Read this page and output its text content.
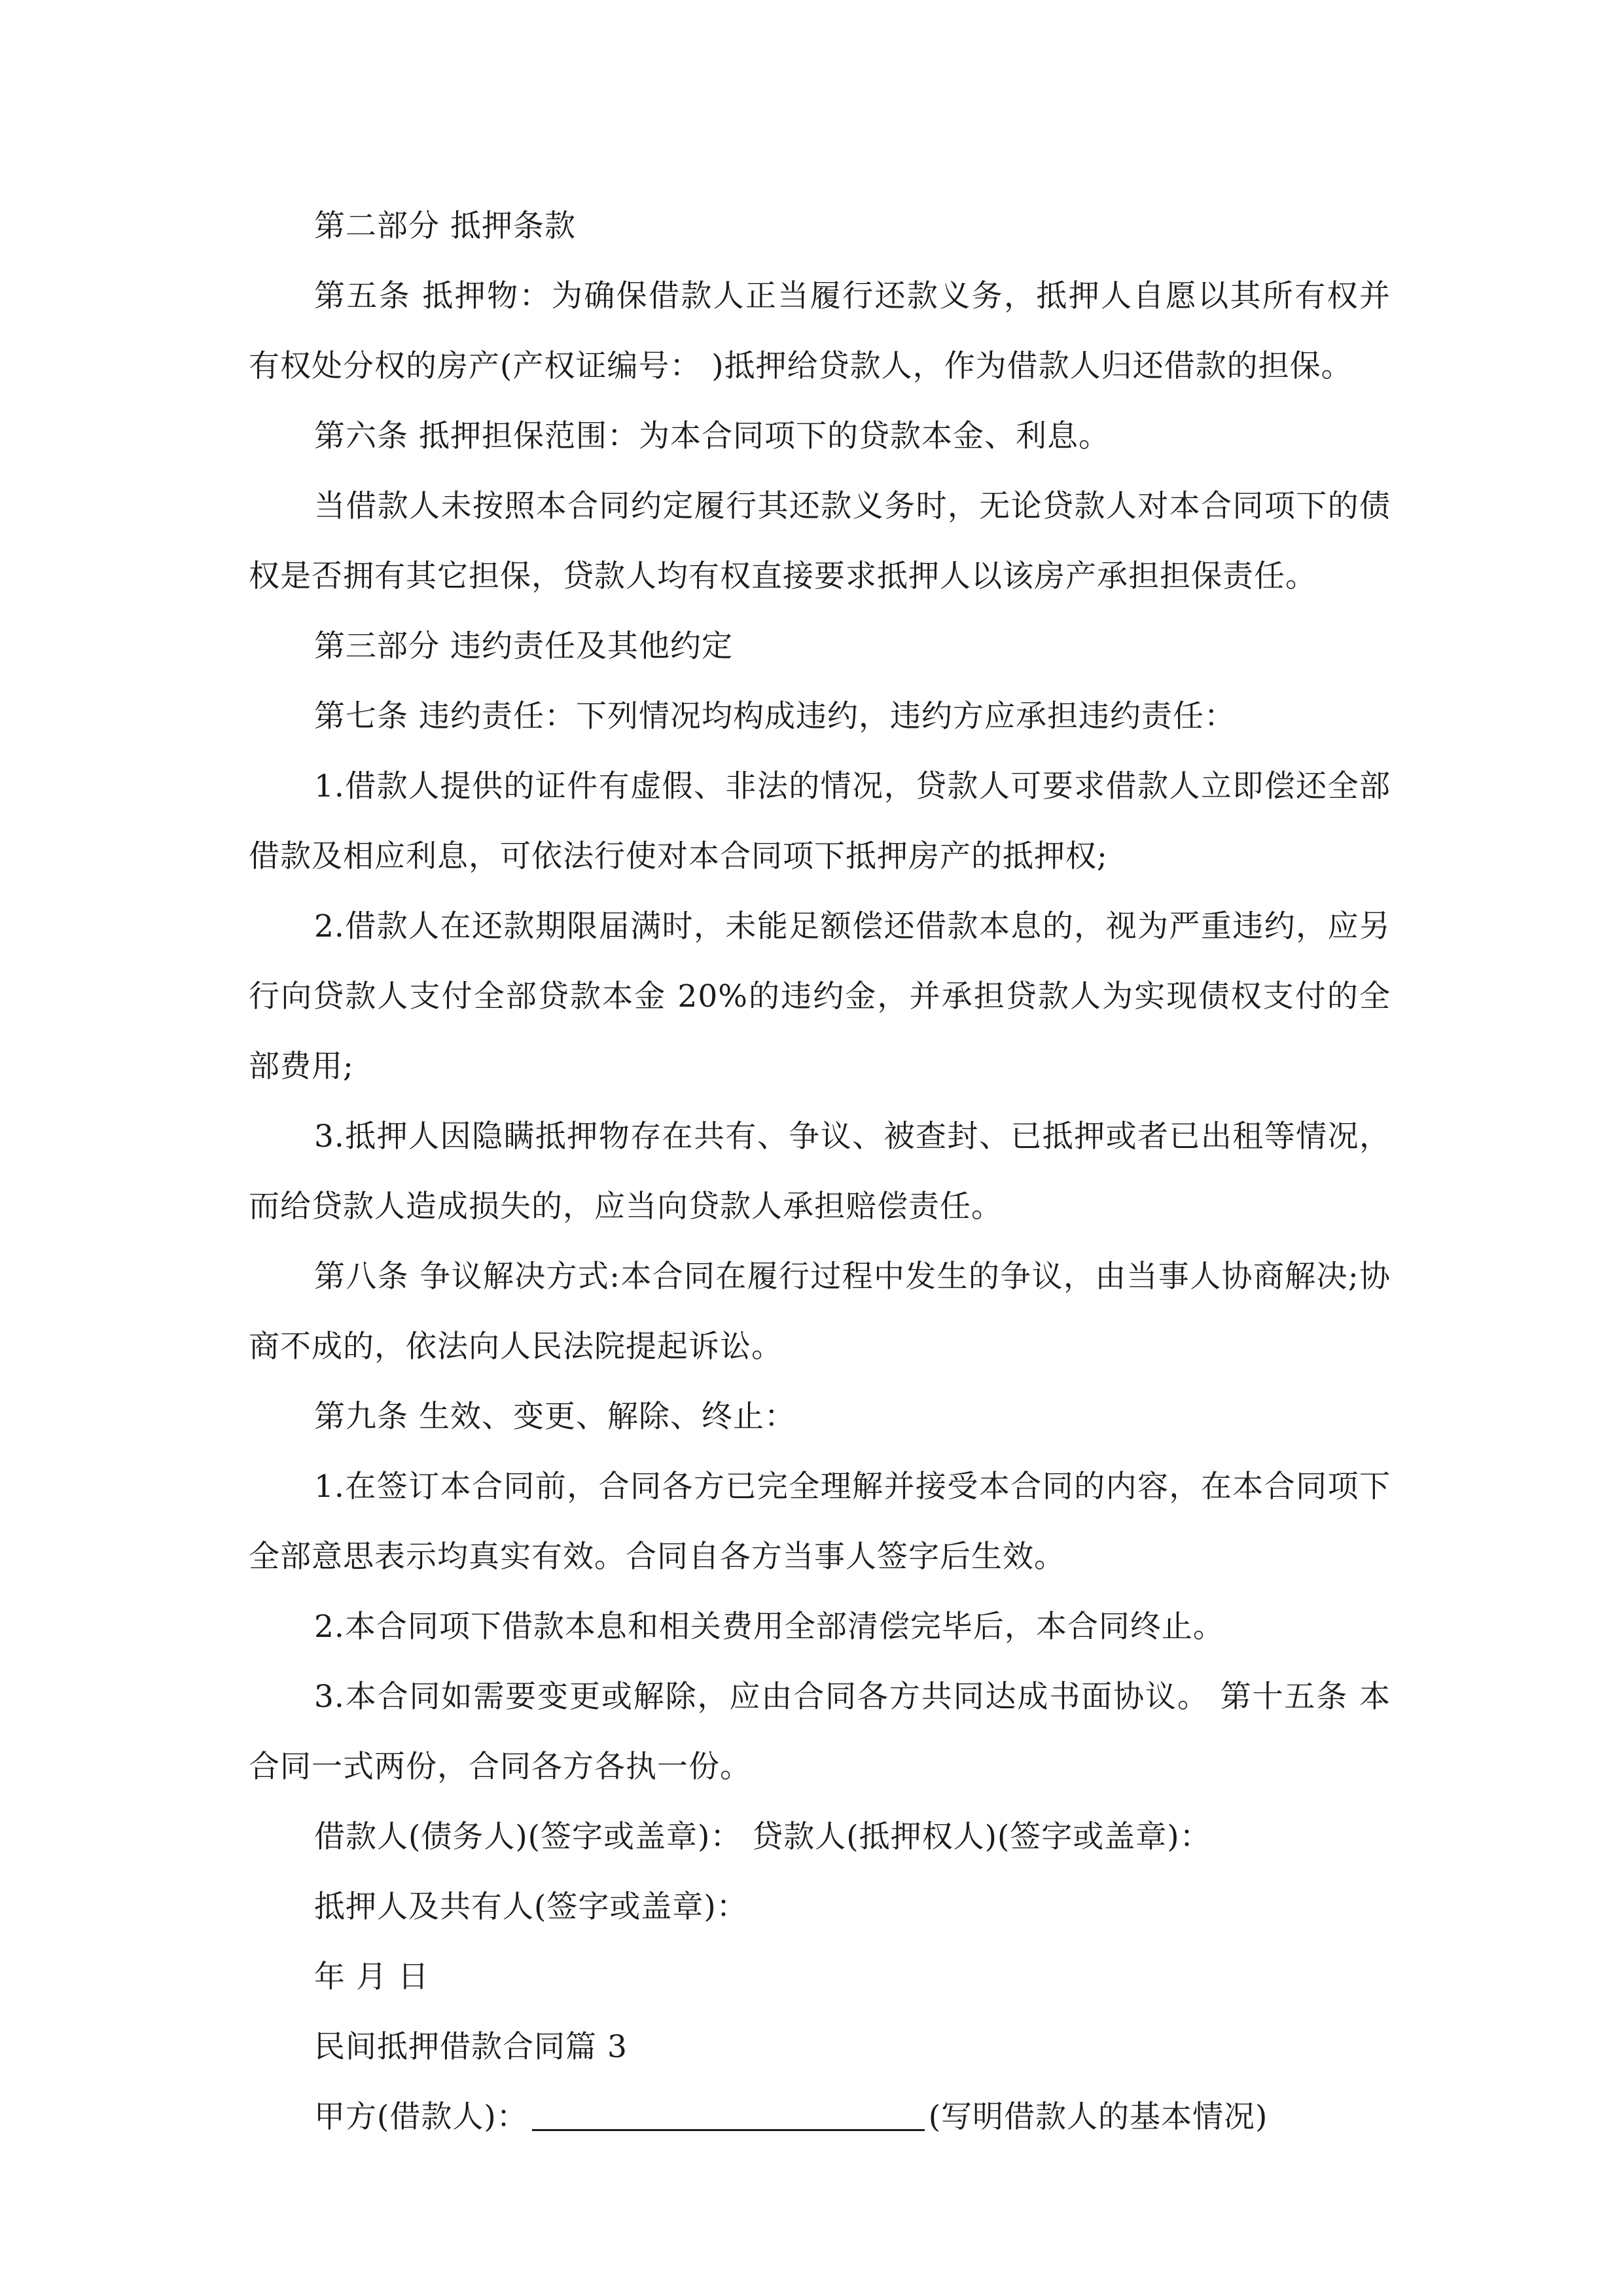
第二部分 抵押条款

第五条 抵押物：为确保借款人正当履行还款义务，抵押人自愿以其所有权并有权处分权的房产(产权证编号： )抵押给贷款人，作为借款人归还借款的担保。

第六条 抵押担保范围：为本合同项下的贷款本金、利息。

当借款人未按照本合同约定履行其还款义务时，无论贷款人对本合同项下的债权是否拥有其它担保，贷款人均有权直接要求抵押人以该房产承担担保责任。

第三部分 违约责任及其他约定

第七条 违约责任：下列情况均构成违约，违约方应承担违约责任：

1.借款人提供的证件有虚假、非法的情况，贷款人可要求借款人立即偿还全部借款及相应利息，可依法行使对本合同项下抵押房产的抵押权;

2.借款人在还款期限届满时，未能足额偿还借款本息的，视为严重违约，应另行向贷款人支付全部贷款本金 20%的违约金，并承担贷款人为实现债权支付的全部费用;

3.抵押人因隐瞒抵押物存在共有、争议、被查封、已抵押或者已出租等情况，而给贷款人造成损失的，应当向贷款人承担赔偿责任。

第八条 争议解决方式:本合同在履行过程中发生的争议，由当事人协商解决;协商不成的，依法向人民法院提起诉讼。

第九条 生效、变更、解除、终止：

1.在签订本合同前，合同各方已完全理解并接受本合同的内容，在本合同项下全部意思表示均真实有效。合同自各方当事人签字后生效。

2.本合同项下借款本息和相关费用全部清偿完毕后，本合同终止。

3.本合同如需要变更或解除，应由合同各方共同达成书面协议。 第十五条 本合同一式两份，合同各方各执一份。

借款人(债务人)(签字或盖章)： 贷款人(抵押权人)(签字或盖章)：

抵押人及共有人(签字或盖章)：

年 月 日

民间抵押借款合同篇 3

甲方(借款人)：	(写明借款人的基本情况)
